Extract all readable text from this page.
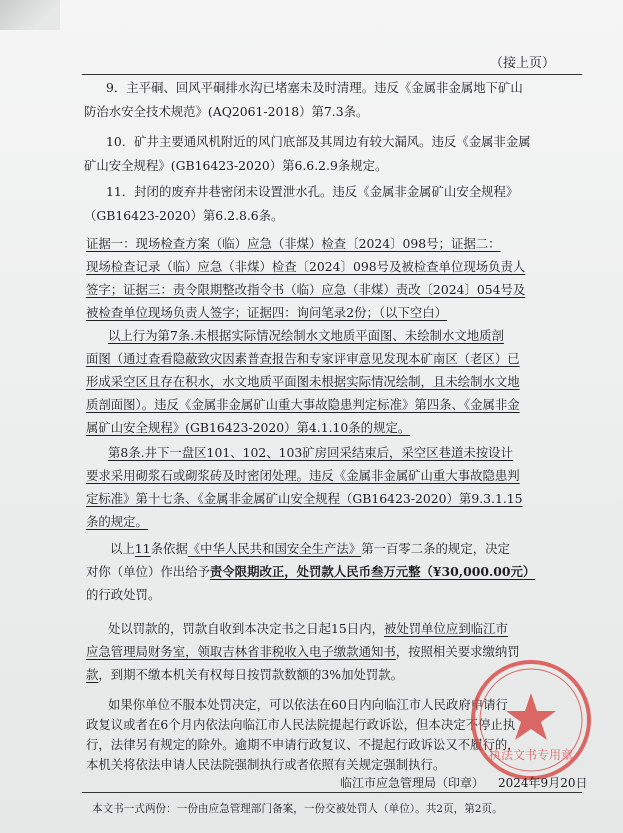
（接上页）
9．主平硐、回风平硐排水沟已堵塞未及时清理。违反《金属非金属地下矿山
防治水安全技术规范》(AQ2061-2018）第7.3条。
10．矿井主要通风机附近的风门底部及其周边有较大漏风。违反《金属非金属
矿山安全规程》(GB16423-2020）第6.6.2.9条规定。
11．封闭的废弃井巷密闭未设置泄水孔。违反《金属非金属矿山安全规程》
（GB16423-2020）第6.2.8.6条。
证据一：现场检查方案（临）应急（非煤）检查〔2024〕098号；证据二：
现场检查记录（临）应急（非煤）检查〔2024〕098号及被检查单位现场负责人
签字；证据三：责令限期整改指令书（临）应急（非煤）责改〔2024〕054号及
被检查单位现场负责人签字；证据四：询问笔录2份；（以下空白）
以上行为第7条.未根据实际情况绘制水文地质平面图、未绘制水文地质剖
面图（通过查看隐蔽致灾因素普查报告和专家评审意见发现本矿南区（老区）已
形成采空区且存在积水，水文地质平面图未根据实际情况绘制，且未绘制水文地
质剖面图）。违反《金属非金属矿山重大事故隐患判定标准》第四条、《金属非金
属矿山安全规程》(GB16423-2020）第4.1.10条的规定。
第8条.井下一盘区101、102、103矿房回采结束后，采空区巷道未按设计
要求采用砌浆石或砌浆砖及时密闭处理。违反《金属非金属矿山重大事故隐患判
定标准》第十七条、《金属非金属矿山安全规程（GB16423-2020）第9.3.1.15
条的规定。
以上11条依据《中华人民共和国安全生产法》第一百零二条的规定，决定
对你（单位）作出给予责令限期改正，处罚款人民币叁万元整（¥30,000.00元）
的行政处罚。
处以罚款的，罚款自收到本决定书之日起15日内，被处罚单位应到临江市
应急管理局财务室，领取吉林省非税收入电子缴款通知书，按照相关要求缴纳罚
款，到期不缴本机关有权每日按罚款数额的3%加处罚款。
如果你单位不服本处罚决定，可以依法在60日内向临江市人民政府申请行
政复议或者在6个月内依法向临江市人民法院提起行政诉讼，但本决定不停止执
行，法律另有规定的除外。逾期不申请行政复议、不提起行政诉讼又不履行的，
本机关将依法申请人民法院强制执行或者依照有关规定强制执行。
执法文书专用章
本文书一式两份：一份由应急管理部门备案，一份交被处罚人（单位）。共2页，第2页。
临江市应急管理局（印章） 2024年9月20日
